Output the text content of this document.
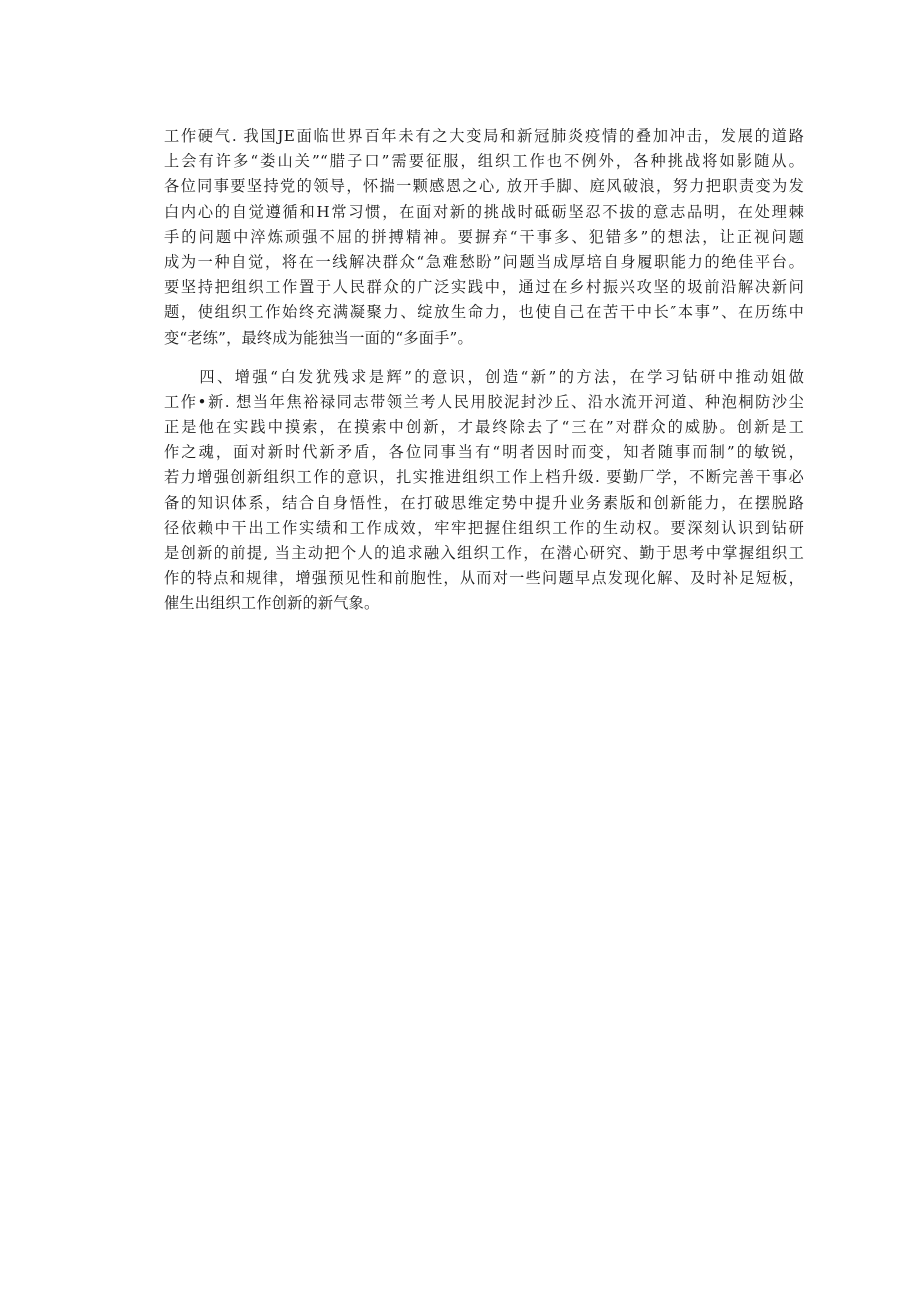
工作硬气. 我国JE面临世界百年未有之大变局和新冠肺炎疫情的叠加冲击，发展的道路
上会有许多“娄山关”“腊子口”需要征服，组织工作也不例外，各种挑战将如影随从。
各位同事要坚持党的领导，怀揣一颗感恩之心, 放开手脚、庭风破浪，努力把职责变为发
白内心的自觉遵循和H常习惯，在面对新的挑战时砥砺坚忍不拔的意志品明，在处理棘
手的问题中淬炼顽强不屈的拼搏精神。要摒弃“干事多、犯错多”的想法，让正视问题
成为一种自觉，将在一线解决群众“急难愁盼”问题当成厚培自身履职能力的绝佳平台。
要坚持把组织工作置于人民群众的广泛实践中，通过在乡村振兴攻坚的圾前沿解决新问
题，使组织工作始终充满凝聚力、绽放生命力，也使自己在苦干中长″本事”、在历练中
变“老练”，最终成为能独当一面的“多面手”。

　　四、增强“白发犹残求是辉”的意识，创造“新”的方法，在学习钻研中推动姐做
工作•新. 想当年焦裕禄同志带领兰考人民用胶泥封沙丘、沿水流开河道、种泡桐防沙尘
正是他在实践中摸索，在摸索中创新，才最终除去了“三在”对群众的威胁。创新是工
作之魂，面对新时代新矛盾，各位同事当有“明者因时而变，知者随事而制”的敏锐，
若力增强创新组织工作的意识，扎实推进组织工作上档升级. 要勤厂学，不断完善干事必
备的知识体系，结合自身悟性，在打破思维定势中提升业务素版和创新能力，在摆脱路
径依赖中干出工作实绩和工作成效，牢牢把握住组织工作的生动权。要深刻认识到钻研
是创新的前提, 当主动把个人的追求融入组织工作，在潜心研究、勤于思考中掌握组织工
作的特点和规律，增强预见性和前胞性，从而对一些问题早点发现化解、及时补足短板，
催生出组织工作创新的新气象。
